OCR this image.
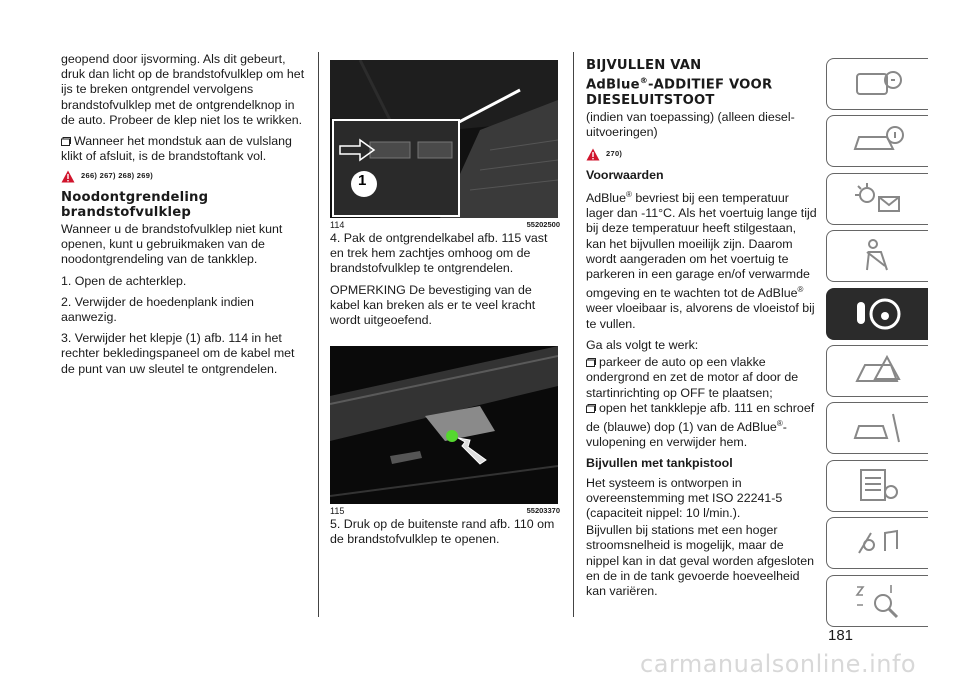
geopend door ijsvorming. Als dit gebeurt, druk dan licht op de brandstofvulklep om het ijs te breken ontgrendel vervolgens brandstofvulklep met de ontgrendelknop in de auto. Probeer de klep niet los te wrikken.

Wanneer het mondstuk aan de vulslang klikt of afsluit, is de brandstoftank vol.

266) 267) 268) 269)
Noodontgrendeling brandstofvulklep

Wanneer u de brandstofvulklep niet kunt openen, kunt u gebruikmaken van de noodontgrendeling van de tankklep.

1. Open de achterklep.

2. Verwijder de hoedenplank indien aanwezig.

3. Verwijder het klepje (1) afb. 114 in het rechter bekledingspaneel om de kabel met de punt van uw sleutel te ontgrendelen.

1
114	55202500

4. Pak de ontgrendelkabel afb. 115 vast en trek hem zachtjes omhoog om de brandstofvulklep te ontgrendelen.

OPMERKING De bevestiging van de kabel kan breken als er te veel kracht wordt uitgeoefend.

115	55203370

5. Druk op de buitenste rand afb. 110 om de brandstofvulklep te openen.

BIJVULLEN VAN
AdBlue®-ADDITIEF VOOR
DIESELUITSTOOT

(indien van toepassing) (alleen diesel-uitvoeringen)

270)
Voorwaarden

AdBlue® bevriest bij een temperatuur lager dan -11°C. Als het voertuig lange tijd bij deze temperatuur heeft stilgestaan, kan het bijvullen moeilijk zijn. Daarom wordt aangeraden om het voertuig te parkeren in een garage en/of verwarmde omgeving en te wachten tot de AdBlue® weer vloeibaar is, alvorens de vloeistof bij te vullen.

Ga als volgt te werk:

parkeer de auto op een vlakke ondergrond en zet de motor af door de startinrichting op OFF te plaatsen;

open het tankklepje afb. 111 en schroef de (blauwe) dop (1) van de AdBlue®-vulopening en verwijder hem.

Bijvullen met tankpistool

Het systeem is ontworpen in overeenstemming met ISO 22241-5 (capaciteit nippel: 10 l/min.).

Bijvullen bij stations met een hoger stroomsnelheid is mogelijk, maar de nippel kan in dat geval worden afgesloten en de in de tank gevoerde hoeveelheid kan variëren.

181
carmanualsonline.info
